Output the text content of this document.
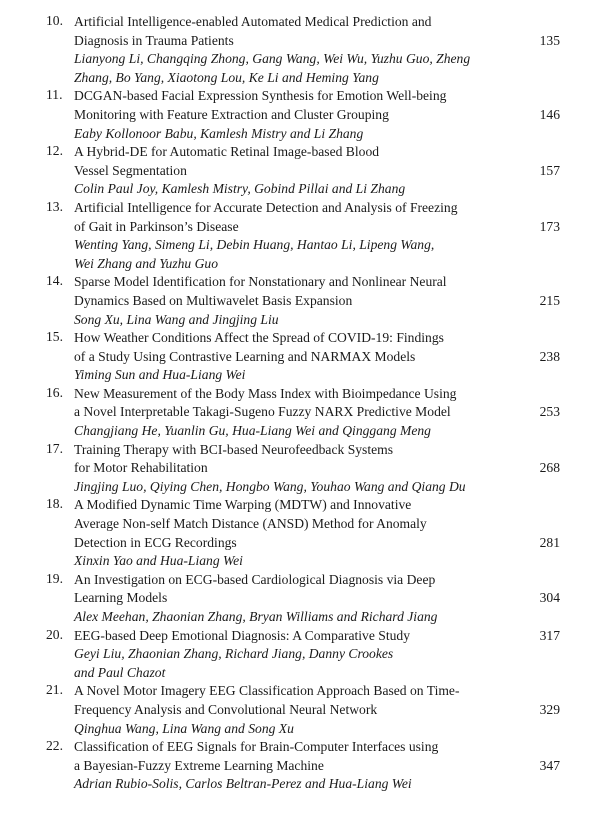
10. Artificial Intelligence-enabled Automated Medical Prediction and
Diagnosis in Trauma Patients	135
Lianyong Li, Changqing Zhong, Gang Wang, Wei Wu, Yuzhu Guo, Zheng
Zhang, Bo Yang, Xiaotong Lou, Ke Li and Heming Yang
11. DCGAN-based Facial Expression Synthesis for Emotion Well-being
Monitoring with Feature Extraction and Cluster Grouping	146
Eaby Kollonoor Babu, Kamlesh Mistry and Li Zhang
12. A Hybrid-DE for Automatic Retinal Image-based Blood
Vessel Segmentation	157
Colin Paul Joy, Kamlesh Mistry, Gobind Pillai and Li Zhang
13. Artificial Intelligence for Accurate Detection and Analysis of Freezing
of Gait in Parkinson’s Disease	173
Wenting Yang, Simeng Li, Debin Huang, Hantao Li, Lipeng Wang,
Wei Zhang and Yuzhu Guo
14. Sparse Model Identification for Nonstationary and Nonlinear Neural
Dynamics Based on Multiwavelet Basis Expansion	215
Song Xu, Lina Wang and Jingjing Liu
15. How Weather Conditions Affect the Spread of COVID-19: Findings
of a Study Using Contrastive Learning and NARMAX Models	238
Yiming Sun and Hua-Liang Wei
16. New Measurement of the Body Mass Index with Bioimpedance Using
a Novel Interpretable Takagi-Sugeno Fuzzy NARX Predictive Model	253
Changjiang He, Yuanlin Gu, Hua-Liang Wei and Qinggang Meng
17. Training Therapy with BCI-based Neurofeedback Systems
for Motor Rehabilitation	268
Jingjing Luo, Qiying Chen, Hongbo Wang, Youhao Wang and Qiang Du
18. A Modified Dynamic Time Warping (MDTW) and Innovative
Average Non-self Match Distance (ANSD) Method for Anomaly
Detection in ECG Recordings	281
Xinxin Yao and Hua-Liang Wei
19. An Investigation on ECG-based Cardiological Diagnosis via Deep
Learning Models	304
Alex Meehan, Zhaonian Zhang, Bryan Williams and Richard Jiang
20. EEG-based Deep Emotional Diagnosis: A Comparative Study	317
Geyi Liu, Zhaonian Zhang, Richard Jiang, Danny Crookes
and Paul Chazot
21. A Novel Motor Imagery EEG Classification Approach Based on Time-
Frequency Analysis and Convolutional Neural Network	329
Qinghua Wang, Lina Wang and Song Xu
22. Classification of EEG Signals for Brain-Computer Interfaces using
a Bayesian-Fuzzy Extreme Learning Machine	347
Adrian Rubio-Solis, Carlos Beltran-Perez and Hua-Liang Wei
